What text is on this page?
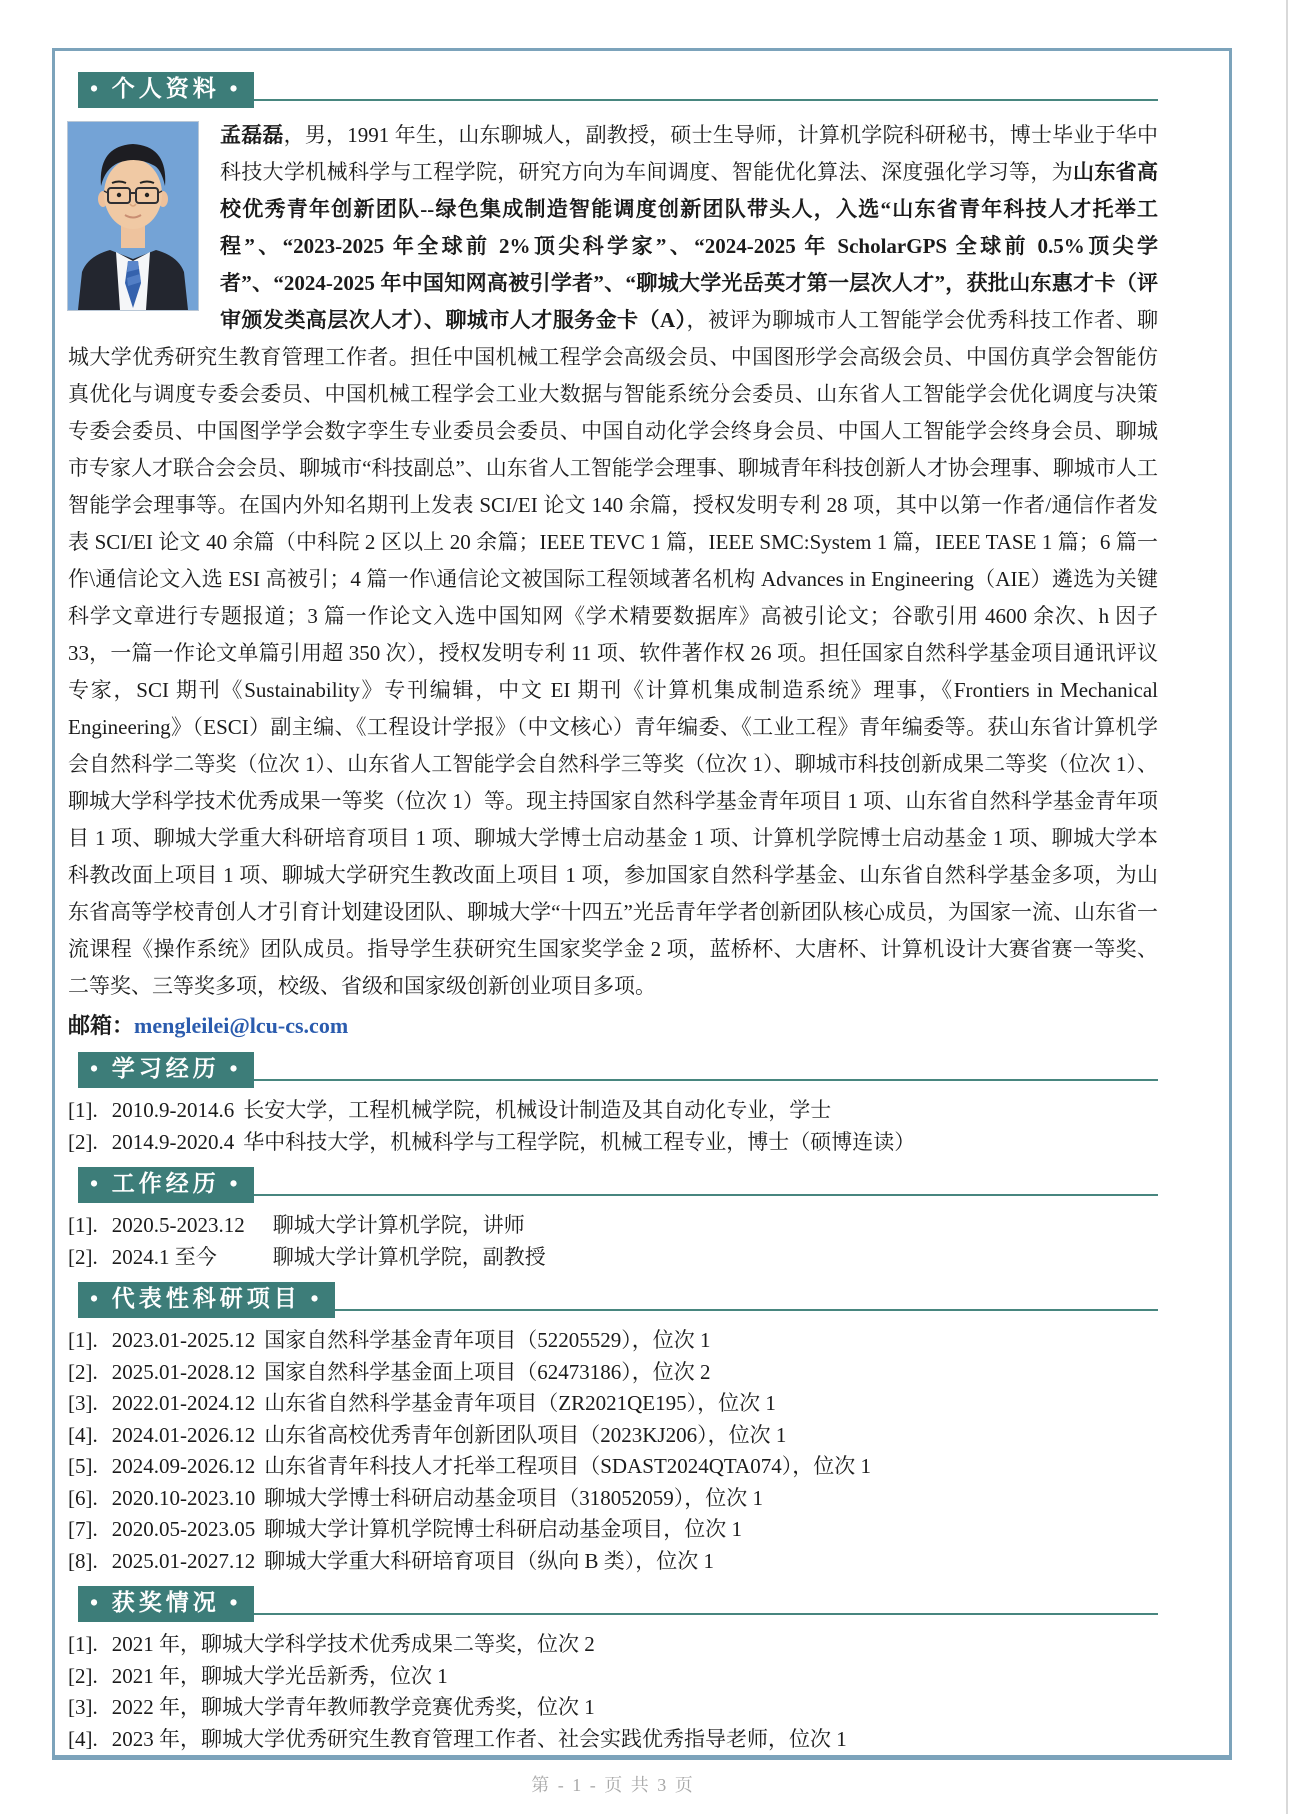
• 个人资料 •
孟磊磊，男，1991 年生，山东聊城人，副教授，硕士生导师，计算机学院科研秘书，博士毕业于华中科技大学机械科学与工程学院，研究方向为车间调度、智能优化算法、深度强化学习等，为山东省高校优秀青年创新团队--绿色集成制造智能调度创新团队带头人，入选“山东省青年科技人才托举工程”、“2023-2025 年全球前 2%顶尖科学家”、“2024-2025 年 ScholarGPS 全球前 0.5%顶尖学者”、“2024-2025 年中国知网高被引学者”、“聊城大学光岳英才第一层次人才”，获批山东惠才卡（评审颁发类高层次人才）、聊城市人才服务金卡（A），被评为聊城市人工智能学会优秀科技工作者、聊城大学优秀研究生教育管理工作者。担任中国机械工程学会高级会员、中国图形学会高级会员、中国仿真学会智能仿真优化与调度专委会委员、中国机械工程学会工业大数据与智能系统分会委员、山东省人工智能学会优化调度与决策专委会委员、中国图学学会数字孪生专业委员会委员、中国自动化学会终身会员、中国人工智能学会终身会员、聊城市专家人才联合会会员、聊城市“科技副总”、山东省人工智能学会理事、聊城青年科技创新人才协会理事、聊城市人工智能学会理事等。在国内外知名期刊上发表 SCI/EI 论文 140 余篇，授权发明专利 28 项，其中以第一作者/通信作者发表 SCI/EI 论文 40 余篇（中科院 2 区以上 20 余篇；IEEE TEVC 1 篇，IEEE SMC:System 1 篇，IEEE TASE 1 篇；6 篇一作\通信论文入选 ESI 高被引；4 篇一作\通信论文被国际工程领域著名机构 Advances in Engineering（AIE）遴选为关键科学文章进行专题报道；3 篇一作论文入选中国知网《学术精要数据库》高被引论文；谷歌引用 4600 余次、h 因子 33，一篇一作论文单篇引用超 350 次），授权发明专利 11 项、软件著作权 26 项。担任国家自然科学基金项目通讯评议专家，SCI 期刊《Sustainability》专刊编辑，中文 EI 期刊《计算机集成制造系统》理事，《Frontiers in Mechanical Engineering》（ESCI）副主编、《工程设计学报》（中文核心）青年编委、《工业工程》青年编委等。获山东省计算机学会自然科学二等奖（位次 1）、山东省人工智能学会自然科学三等奖（位次 1）、聊城市科技创新成果二等奖（位次 1）、聊城大学科学技术优秀成果一等奖（位次 1）等。现主持国家自然科学基金青年项目 1 项、山东省自然科学基金青年项目 1 项、聊城大学重大科研培育项目 1 项、聊城大学博士启动基金 1 项、计算机学院博士启动基金 1 项、聊城大学本科教改面上项目 1 项、聊城大学研究生教改面上项目 1 项，参加国家自然科学基金、山东省自然科学基金多项，为山东省高等学校青创人才引育计划建设团队、聊城大学“十四五”光岳青年学者创新团队核心成员，为国家一流、山东省一流课程《操作系统》团队成员。指导学生获研究生国家奖学金 2 项，蓝桥杯、大唐杯、计算机设计大赛省赛一等奖、二等奖、三等奖多项，校级、省级和国家级创新创业项目多项。
邮箱：mengleilei@lcu-cs.com
• 学习经历 •
[1]. 2010.9-2014.6 长安大学，工程机械学院，机械设计制造及其自动化专业，学士
[2]. 2014.9-2020.4 华中科技大学，机械科学与工程学院，机械工程专业，博士（硕博连读）
• 工作经历 •
[1]. 2020.5-2023.12 聊城大学计算机学院，讲师
[2]. 2024.1 至今	聊城大学计算机学院，副教授
• 代表性科研项目 •
[1]. 2023.01-2025.12 国家自然科学基金青年项目（52205529），位次 1
[2]. 2025.01-2028.12 国家自然科学基金面上项目（62473186），位次 2
[3]. 2022.01-2024.12 山东省自然科学基金青年项目（ZR2021QE195），位次 1
[4]. 2024.01-2026.12 山东省高校优秀青年创新团队项目（2023KJ206），位次 1
[5]. 2024.09-2026.12 山东省青年科技人才托举工程项目（SDAST2024QTA074），位次 1
[6]. 2020.10-2023.10 聊城大学博士科研启动基金项目（318052059），位次 1
[7]. 2020.05-2023.05 聊城大学计算机学院博士科研启动基金项目，位次 1
[8]. 2025.01-2027.12 聊城大学重大科研培育项目（纵向 B 类），位次 1
• 获奖情况 •
[1]. 2021 年，聊城大学科学技术优秀成果二等奖，位次 2
[2]. 2021 年，聊城大学光岳新秀，位次 1
[3]. 2022 年，聊城大学青年教师教学竞赛优秀奖，位次 1
[4]. 2023 年，聊城大学优秀研究生教育管理工作者、社会实践优秀指导老师，位次 1
第 - 1 - 页 共 3 页
